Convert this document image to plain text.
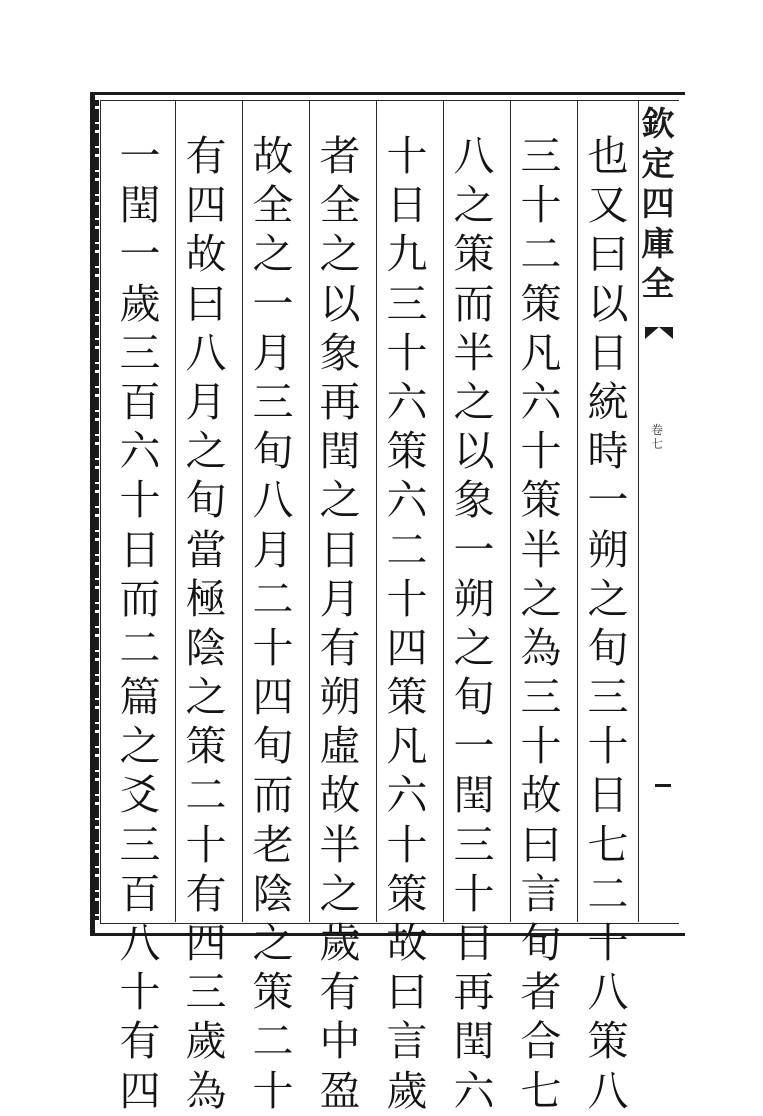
欽
定
四
庫
全
卷
七
也
又
曰
以
日
統
時
一
朔
之
旬
三
十
日
七
二
十
八
策
八
三
十
二
策
凡
六
十
策
半
之
為
三
十
故
曰
言
旬
者
合
七
八
之
策
而
半
之
以
象
一
朔
之
旬
一
閏
三
十
日
再
閏
六
十
日
九
三
十
六
策
六
二
十
四
策
凡
六
十
策
故
曰
言
歲
者
全
之
以
象
再
閏
之
日
月
有
朔
虛
故
半
之
歲
有
中
盈
故
全
之
一
月
三
旬
八
月
二
十
四
旬
而
老
陰
之
策
二
十
有
四
故
曰
八
月
之
旬
當
極
陰
之
策
二
十
有
四
三
歲
為
一
閏
一
歲
三
百
六
十
日
而
二
篇
之
爻
三
百
八
十
有
四
